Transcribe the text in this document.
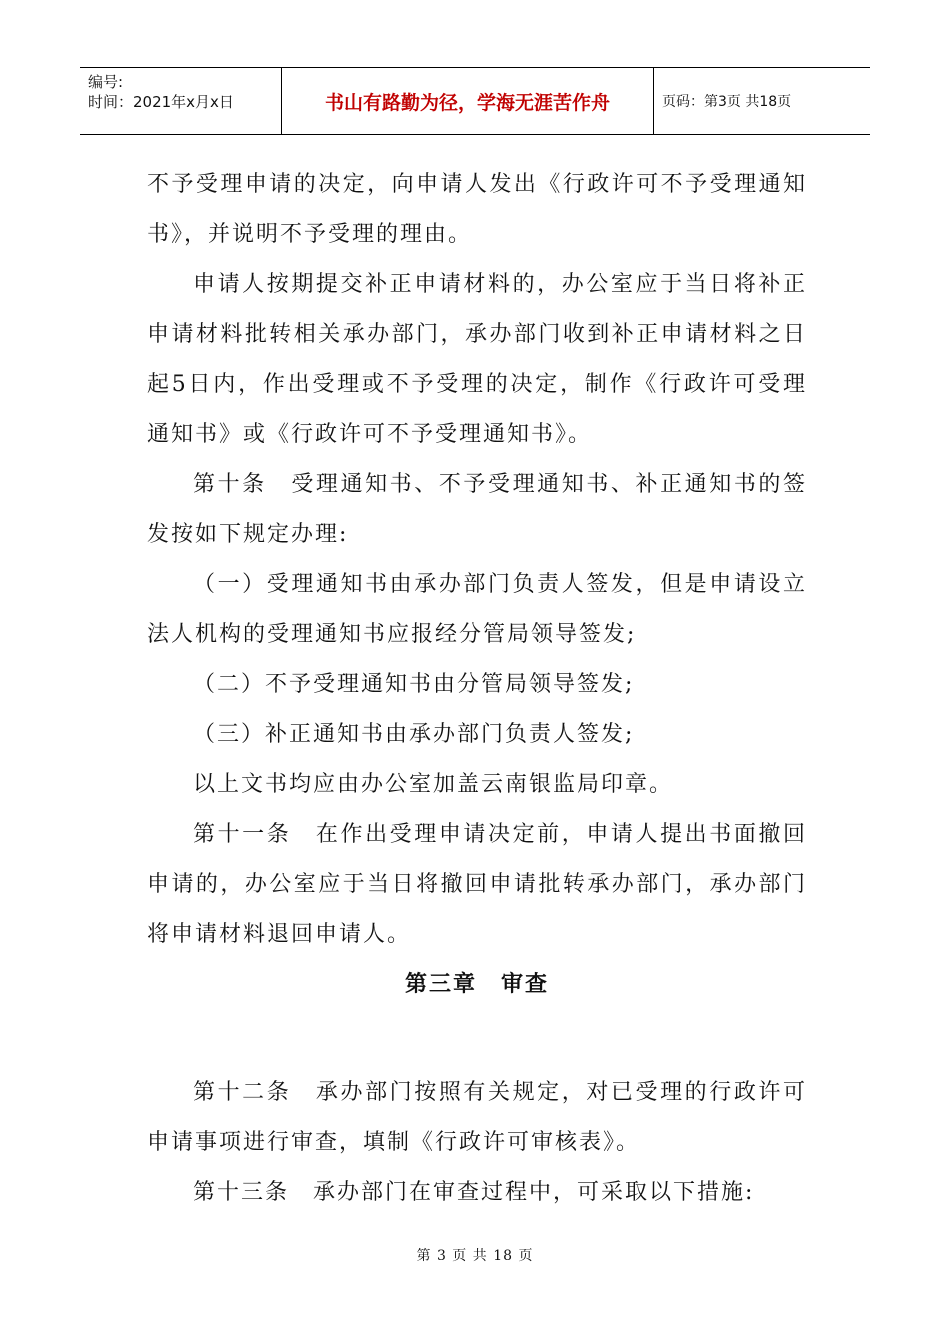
编号:
时间：2021年x月x日	书山有路勤为径，学海无涯苦作舟	页码：第3页 共18页

不予受理申请的决定，向申请人发出《行政许可不予受理通知书》，并说明不予受理的理由。

申请人按期提交补正申请材料的，办公室应于当日将补正申请材料批转相关承办部门，承办部门收到补正申请材料之日起5日内，作出受理或不予受理的决定，制作《行政许可受理通知书》或《行政许可不予受理通知书》。

第十条　受理通知书、不予受理通知书、补正通知书的签发按如下规定办理:

（一）受理通知书由承办部门负责人签发，但是申请设立法人机构的受理通知书应报经分管局领导签发;

（二）不予受理通知书由分管局领导签发;

（三）补正通知书由承办部门负责人签发;

以上文书均应由办公室加盖云南银监局印章。

第十一条　在作出受理申请决定前，申请人提出书面撤回申请的，办公室应于当日将撤回申请批转承办部门，承办部门将申请材料退回申请人。

第三章　审查

第十二条　承办部门按照有关规定，对已受理的行政许可申请事项进行审查，填制《行政许可审核表》。

第十三条　承办部门在审查过程中，可采取以下措施:

第 3 页 共 18 页
